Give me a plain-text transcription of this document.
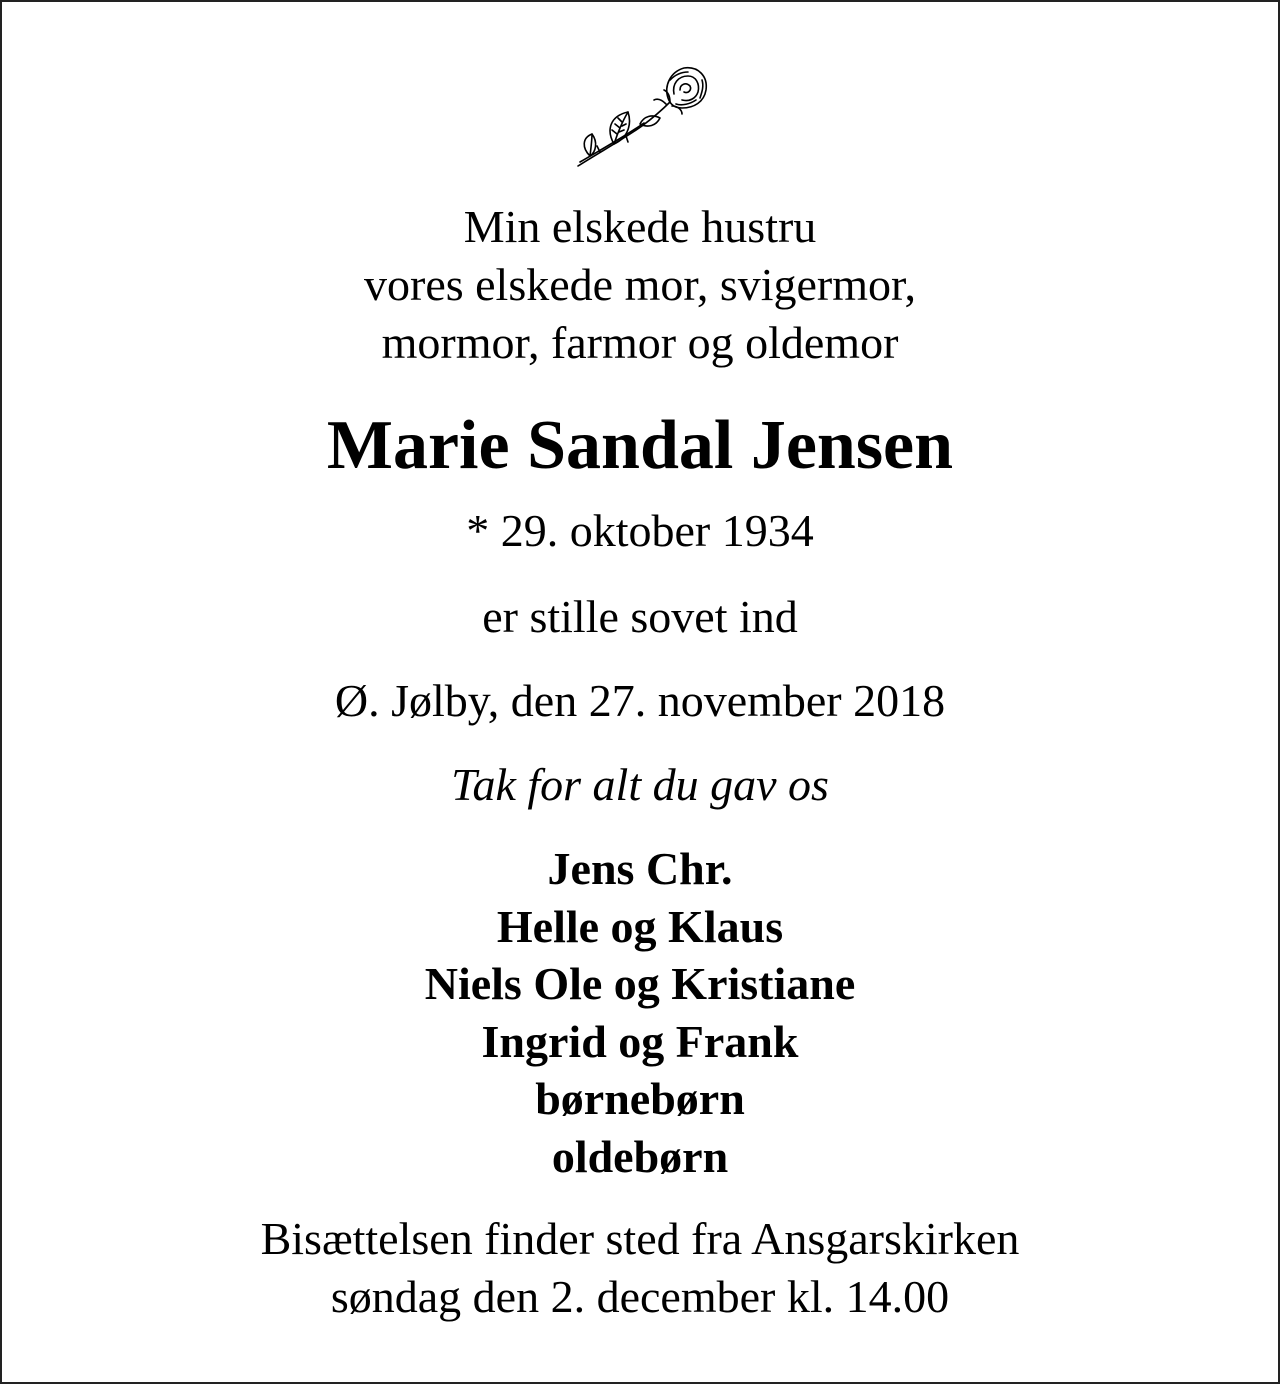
Min elskede hustru
vores elskede mor, svigermor,
mormor, farmor og oldemor
Marie Sandal Jensen
* 29. oktober 1934
er stille sovet ind
Ø. Jølby, den 27. november 2018
Tak for alt du gav os
Jens Chr.
Helle og Klaus
Niels Ole og Kristiane
Ingrid og Frank
børnebørn
oldebørn
Bisættelsen finder sted fra Ansgarskirken
søndag den 2. december kl. 14.00
